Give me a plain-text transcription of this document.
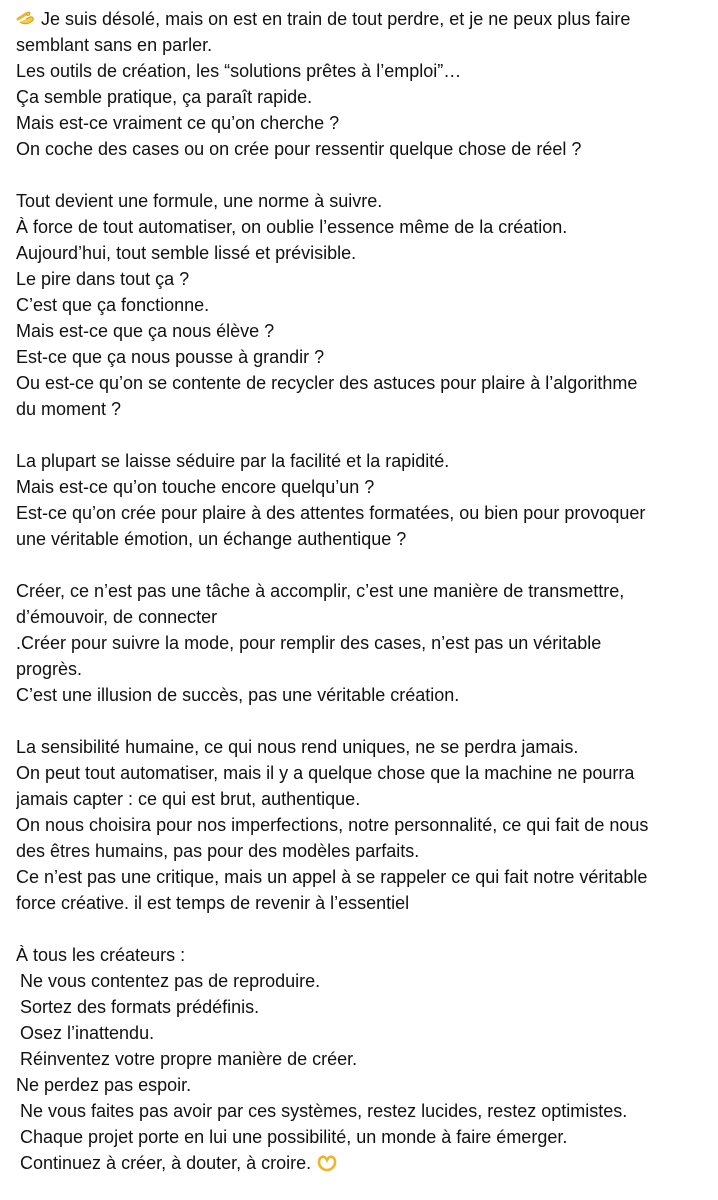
Je suis désolé, mais on est en train de tout perdre, et je ne peux plus faire
semblant sans en parler.
Les outils de création, les “solutions prêtes à l’emploi”…
Ça semble pratique, ça paraît rapide.
Mais est-ce vraiment ce qu’on cherche ?
On coche des cases ou on crée pour ressentir quelque chose de réel ?
Tout devient une formule, une norme à suivre.
À force de tout automatiser, on oublie l’essence même de la création.
Aujourd’hui, tout semble lissé et prévisible.
Le pire dans tout ça ?
C’est que ça fonctionne.
Mais est-ce que ça nous élève ?
Est-ce que ça nous pousse à grandir ?
Ou est-ce qu’on se contente de recycler des astuces pour plaire à l’algorithme
du moment ?
La plupart se laisse séduire par la facilité et la rapidité.
Mais est-ce qu’on touche encore quelqu’un ?
Est-ce qu’on crée pour plaire à des attentes formatées, ou bien pour provoquer
une véritable émotion, un échange authentique ?
Créer, ce n’est pas une tâche à accomplir, c’est une manière de transmettre,
d’émouvoir, de connecter
.Créer pour suivre la mode, pour remplir des cases, n’est pas un véritable
progrès.
C’est une illusion de succès, pas une véritable création.
La sensibilité humaine, ce qui nous rend uniques, ne se perdra jamais.
On peut tout automatiser, mais il y a quelque chose que la machine ne pourra
jamais capter : ce qui est brut, authentique.
On nous choisira pour nos imperfections, notre personnalité, ce qui fait de nous
des êtres humains, pas pour des modèles parfaits.
Ce n’est pas une critique, mais un appel à se rappeler ce qui fait notre véritable
force créative. il est temps de revenir à l’essentiel
À tous les créateurs :
Ne vous contentez pas de reproduire.
Sortez des formats prédéfinis.
Osez l’inattendu.
Réinventez votre propre manière de créer.
Ne perdez pas espoir.
Ne vous faites pas avoir par ces systèmes, restez lucides, restez optimistes.
Chaque projet porte en lui une possibilité, un monde à faire émerger.
Continuez à créer, à douter, à croire.
